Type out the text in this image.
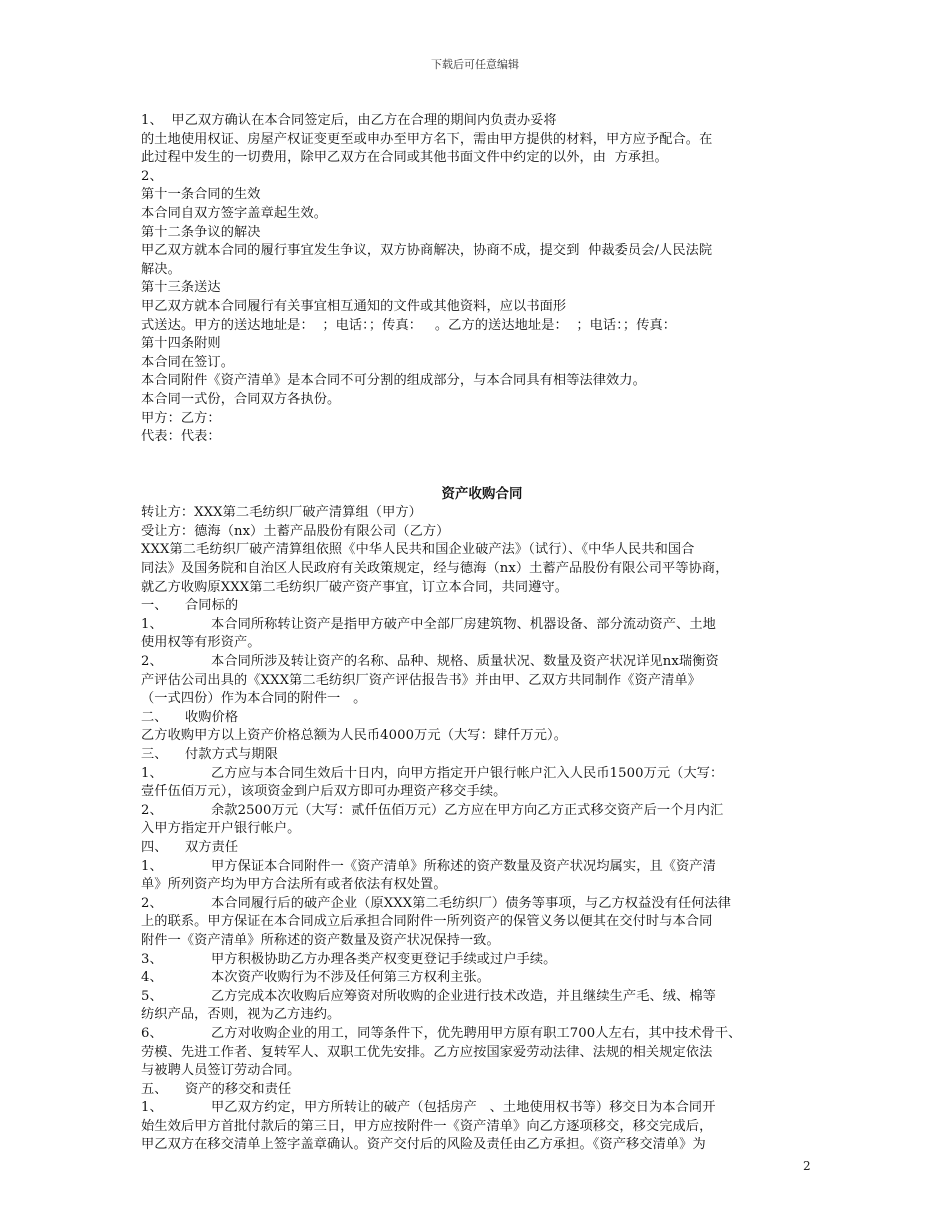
下载后可任意编辑
1、  甲乙双方确认在本合同签定后，由乙方在合理的期间内负责办妥将
的土地使用权证、房屋产权证变更至或申办至甲方名下，需由甲方提供的材料，甲方应予配合。在
此过程中发生的一切费用，除甲乙双方在合同或其他书面文件中约定的以外，由  方承担。
2、
第十一条合同的生效
本合同自双方签字盖章起生效。
第十二条争议的解决
甲乙双方就本合同的履行事宜发生争议，双方协商解决，协商不成，提交到  仲裁委员会/人民法院
解决。
第十三条送达
甲乙双方就本合同履行有关事宜相互通知的文件或其他资料，应以书面形
式送达。甲方的送达地址是：  ；电话：；传真：   。乙方的送达地址是：  ；电话：；传真：
第十四条附则
本合同在签订。
本合同附件《资产清单》是本合同不可分割的组成部分，与本合同具有相等法律效力。
本合同一式份，合同双方各执份。
甲方：乙方：
代表：代表：
资产收购合同
转让方：XXX第二毛纺织厂破产清算组（甲方）
受让方：德海（nx）土蓄产品股份有限公司（乙方）
XXX第二毛纺织厂破产清算组依照《中华人民共和国企业破产法》（试行）、《中华人民共和国合
同法》及国务院和自治区人民政府有关政策规定，经与德海（nx）土蓄产品股份有限公司平等协商，
就乙方收购原XXX第二毛纺织厂破产资产事宜，订立本合同，共同遵守。
一、 合同标的
1、	本合同所称转让资产是指甲方破产中全部厂房建筑物、机器设备、部分流动资产、土地
使用权等有形资产。
2、	本合同所涉及转让资产的名称、品种、规格、质量状况、数量及资产状况详见nx瑞衡资
产评估公司出具的《XXX第二毛纺织厂资产评估报告书》并由甲、乙双方共同制作《资产清单》
（一式四份）作为本合同的附件一   。
二、 收购价格
乙方收购甲方以上资产价格总额为人民币4000万元（大写：肆仟万元）。
三、 付款方式与期限
1、	乙方应与本合同生效后十日内，向甲方指定开户银行帐户汇入人民币1500万元（大写：
壹仟伍佰万元），该项资金到户后双方即可办理资产移交手续。
2、	余款2500万元（大写：贰仟伍佰万元）乙方应在甲方向乙方正式移交资产后一个月内汇
入甲方指定开户银行帐户。
四、 双方责任
1、	甲方保证本合同附件一《资产清单》所称述的资产数量及资产状况均属实，且《资产清
单》所列资产均为甲方合法所有或者依法有权处置。
2、	本合同履行后的破产企业（原XXX第二毛纺织厂）债务等事项，与乙方权益没有任何法律
上的联系。甲方保证在本合同成立后承担合同附件一所列资产的保管义务以便其在交付时与本合同
附件一《资产清单》所称述的资产数量及资产状况保持一致。
3、	甲方积极协助乙方办理各类产权变更登记手续或过户手续。
4、	本次资产收购行为不涉及任何第三方权利主张。
5、	乙方完成本次收购后应筹资对所收购的企业进行技术改造，并且继续生产毛、绒、棉等
纺织产品，否则，视为乙方违约。
6、	乙方对收购企业的用工，同等条件下，优先聘用甲方原有职工700人左右，其中技术骨干、
劳模、先进工作者、复转军人、双职工优先安排。乙方应按国家爱劳动法律、法规的相关规定依法
与被聘人员签订劳动合同。
五、 资产的移交和责任
1、	甲乙双方约定，甲方所转让的破产（包括房产   、土地使用权书等）移交日为本合同开
始生效后甲方首批付款后的第三日，甲方应按附件一《资产清单》向乙方逐项移交，移交完成后，
甲乙双方在移交清单上签字盖章确认。资产交付后的风险及责任由乙方承担。《资产移交清单》为
2
